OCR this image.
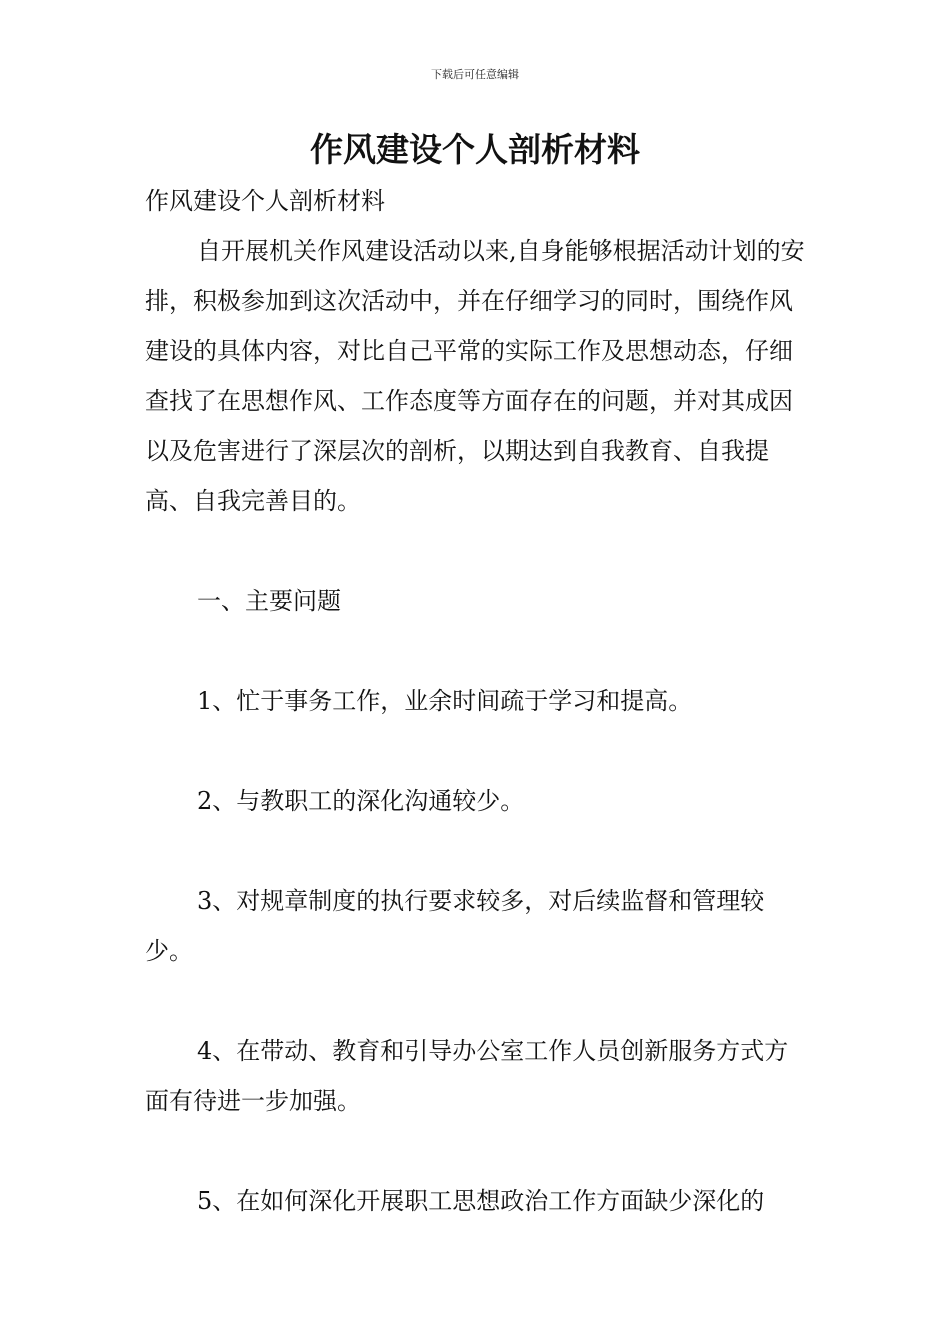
下载后可任意编辑
作风建设个人剖析材料

作风建设个人剖析材料

自开展机关作风建设活动以来,自身能够根据活动计划的安排，积极参加到这次活动中，并在仔细学习的同时，围绕作风建设的具体内容，对比自己平常的实际工作及思想动态，仔细查找了在思想作风、工作态度等方面存在的问题，并对其成因以及危害进行了深层次的剖析，以期达到自我教育、自我提高、自我完善目的。

一、主要问题

1、忙于事务工作，业余时间疏于学习和提高。

2、与教职工的深化沟通较少。

3、对规章制度的执行要求较多，对后续监督和管理较少。

4、在带动、教育和引导办公室工作人员创新服务方式方面有待进一步加强。

5、在如何深化开展职工思想政治工作方面缺少深化的
